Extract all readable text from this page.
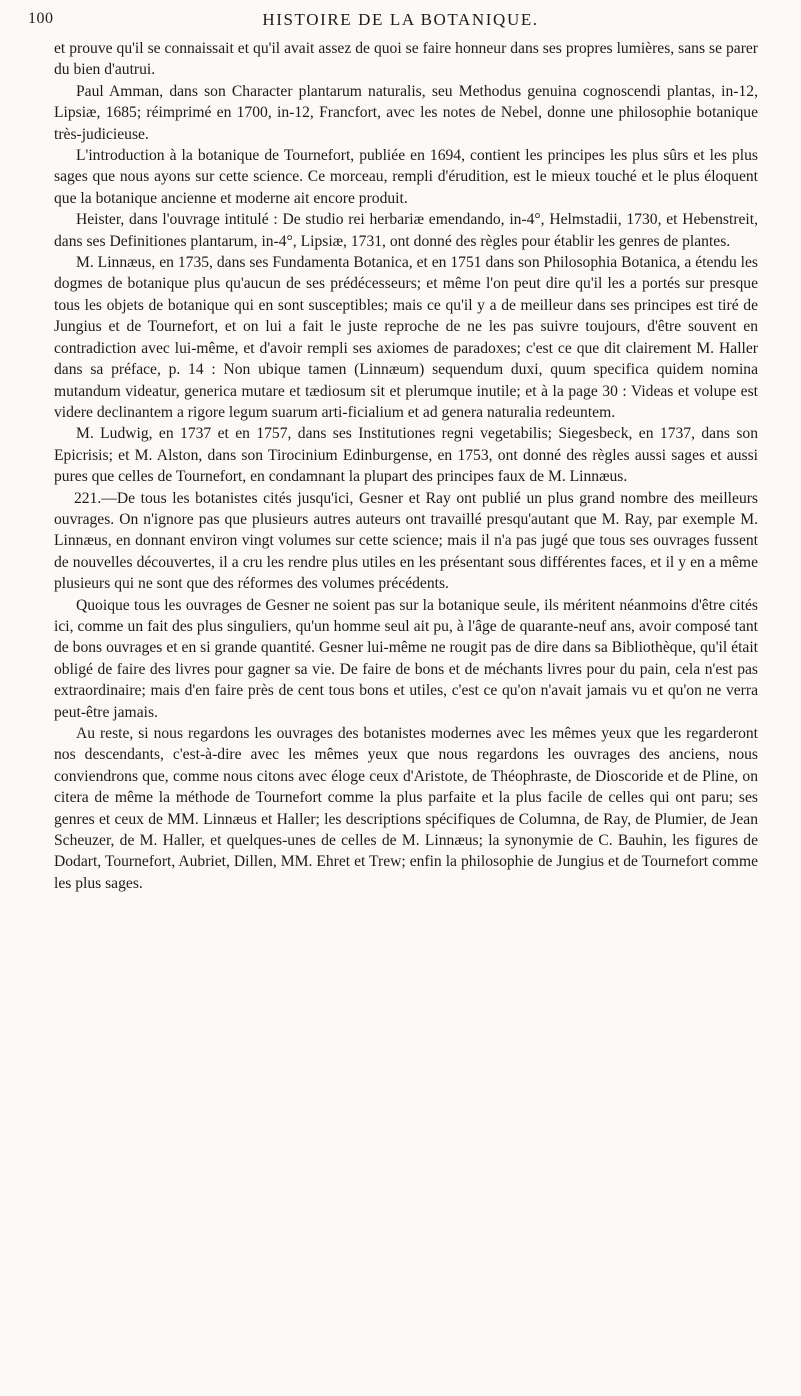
100	HISTOIRE DE LA BOTANIQUE.

et prouve qu'il se connaissait et qu'il avait assez de quoi se faire honneur dans ses propres lumières, sans se parer du bien d'autrui.

Paul Amman, dans son Character plantarum naturalis, seu Methodus genuina cognoscendi plantas, in-12, Lipsiæ, 1685; réimprimé en 1700, in-12, Francfort, avec les notes de Nebel, donne une philosophie botanique très-judicieuse.

L'introduction à la botanique de Tournefort, publiée en 1694, contient les principes les plus sûrs et les plus sages que nous ayons sur cette science. Ce morceau, rempli d'érudition, est le mieux touché et le plus éloquent que la botanique ancienne et moderne ait encore produit.

Heister, dans l'ouvrage intitulé : De studio rei herbariæ emendando, in-4°, Helmstadii, 1730, et Hebenstreit, dans ses Definitiones plantarum, in-4°, Lipsiæ, 1731, ont donné des règles pour établir les genres de plantes.

M. Linnæus, en 1735, dans ses Fundamenta Botanica, et en 1751 dans son Philosophia Botanica, a étendu les dogmes de botanique plus qu'aucun de ses prédécesseurs; et même l'on peut dire qu'il les a portés sur presque tous les objets de botanique qui en sont susceptibles; mais ce qu'il y a de meilleur dans ses principes est tiré de Jungius et de Tournefort, et on lui a fait le juste reproche de ne les pas suivre toujours, d'être souvent en contradiction avec lui-même, et d'avoir rempli ses axiomes de paradoxes; c'est ce que dit clairement M. Haller dans sa préface, p. 14 : Non ubique tamen (Linnæum) sequendum duxi, quum specifica quidem nomina mutandum videatur, generica mutare et tædiosum sit et plerumque inutile; et à la page 30 : Videas et volupe est videre declinantem a rigore legum suarum arti-ficialium et ad genera naturalia redeuntem.

M. Ludwig, en 1737 et en 1757, dans ses Institutiones regni vegetabilis; Siegesbeck, en 1737, dans son Epicrisis; et M. Alston, dans son Tirocinium Edinburgense, en 1753, ont donné des règles aussi sages et aussi pures que celles de Tournefort, en condamnant la plupart des principes faux de M. Linnæus.

221.—De tous les botanistes cités jusqu'ici, Gesner et Ray ont publié un plus grand nombre des meilleurs ouvrages. On n'ignore pas que plusieurs autres auteurs ont travaillé presqu'autant que M. Ray, par exemple M. Linnæus, en donnant environ vingt volumes sur cette science; mais il n'a pas jugé que tous ses ouvrages fussent de nouvelles découvertes, il a cru les rendre plus utiles en les présentant sous différentes faces, et il y en a même plusieurs qui ne sont que des réformes des volumes précédents.

Quoique tous les ouvrages de Gesner ne soient pas sur la botanique seule, ils méritent néanmoins d'être cités ici, comme un fait des plus singuliers, qu'un homme seul ait pu, à l'âge de quarante-neuf ans, avoir composé tant de bons ouvrages et en si grande quantité. Gesner lui-même ne rougit pas de dire dans sa Bibliothèque, qu'il était obligé de faire des livres pour gagner sa vie. De faire de bons et de méchants livres pour du pain, cela n'est pas extraordinaire; mais d'en faire près de cent tous bons et utiles, c'est ce qu'on n'avait jamais vu et qu'on ne verra peut-être jamais.

Au reste, si nous regardons les ouvrages des botanistes modernes avec les mêmes yeux que les regarderont nos descendants, c'est-à-dire avec les mêmes yeux que nous regardons les ouvrages des anciens, nous conviendrons que, comme nous citons avec éloge ceux d'Aristote, de Théophraste, de Dioscoride et de Pline, on citera de même la méthode de Tournefort comme la plus parfaite et la plus facile de celles qui ont paru; ses genres et ceux de MM. Linnæus et Haller; les descriptions spécifiques de Columna, de Ray, de Plumier, de Jean Scheuzer, de M. Haller, et quelques-unes de celles de M. Linnæus; la synonymie de C. Bauhin, les figures de Dodart, Tournefort, Aubriet, Dillen, MM. Ehret et Trew; enfin la philosophie de Jungius et de Tournefort comme les plus sages.
